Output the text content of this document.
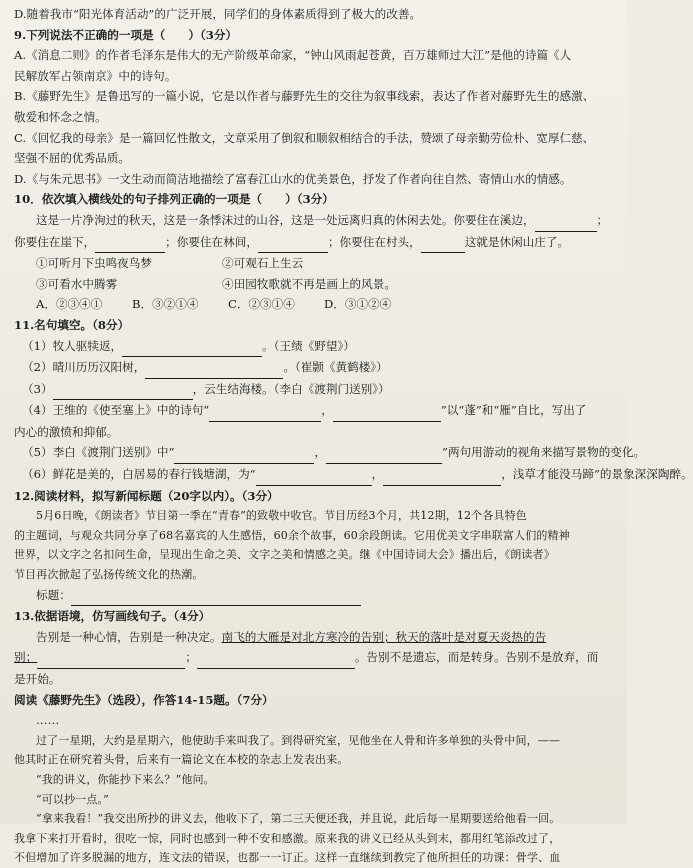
D.随着我市“阳光体育活动”的广泛开展，同学们的身体素质得到了极大的改善。
9.下列说法不正确的一项是（　　）（3分）
A.《消息二则》的作者毛泽东是伟大的无产阶级革命家，“钟山风雨起苍黄，百万雄师过大江”是他的诗篇《人
民解放军占领南京》中的诗句。
B.《藤野先生》是鲁迅写的一篇小说，它是以作者与藤野先生的交往为叙事线索，表达了作者对藤野先生的感激、
敬爱和怀念之情。
C.《回忆我的母亲》是一篇回忆性散文，文章采用了倒叙和顺叙相结合的手法，赞颂了母亲勤劳俭朴、宽厚仁慈、
坚强不屈的优秀品质。
D.《与朱元思书》一文生动而简洁地描绘了富春江山水的优美景色，抒发了作者向往自然、寄情山水的情感。
10．依次填入横线处的句子排列正确的一项是（　　）（3分）
这是一片净洵过的秋天，这是一条悸沫过的山谷，这是一处远离归真的休闲去处。你要住在溪边，	；
你要住在崖下，	；你要住在林间，	；你要住在村头，	这就是休闲山庄了。
①可听月下虫鸣夜鸟梦	②可观石上生云
③可看水中腾雾	④田园牧歌就不再是画上的风景。
A．②③④①	B．③②①④	C．②③①④	D．③①②④
11.名句填空。（8分）
（1）牧人驱犊返，	。（王绩《野望》）
（2）晴川历历汉阳树，	。（崔颢《黄鹤楼》）
（3）	，云生结海楼。（李白《渡荆门送别》）
（4）王维的《使至塞上》中的诗句“	，	”以“蓬”和“雁”自比，写出了
内心的激愤和抑郁。
（5）李白《渡荆门送别》中“	，	”两句用游动的视角来描写景物的变化。
（6）鲜花是美的，白居易的春行钱塘湖，为“	，	，浅草才能没马蹄”的景象深深陶醉。
12.阅读材料，拟写新闻标题（20字以内）。（3分）
5月6日晚，《朗读者》节目第一季在“青春”的致敬中收官。节目历经3个月，共12期，12个各具特色
的主题词，与观众共同分享了68名嘉宾的人生感悟，60余个故事，60余段朗读。它用优美文字串联富人们的精神
世界，以文字之名扣问生命，呈现出生命之美、文字之美和情感之美。继《中国诗词大会》播出后，《朗读者》
节目再次掀起了弘扬传统文化的热潮。
标题：
13.依据语境，仿写画线句子。（4分）
告别是一种心情，告别是一种决定。南飞的大雁是对北方寒冷的告别；秋天的落叶是对夏天炎热的告
别；	；	。告别不是遗忘，而是转身。告别不是放弃，而
是开始。
阅读《藤野先生》（选段），作答14-15题。（7分）
……
过了一星期，大约是星期六，他使助手来叫我了。到得研究室，见他坐在人骨和许多单独的头骨中间，——
他其时正在研究着头骨，后来有一篇论文在本校的杂志上发表出来。
“我的讲义，你能抄下来么？”他问。
“可以抄一点。”
“拿来我看！”我交出所抄的讲义去，他收下了，第二三天便还我，并且说，此后每一星期要送给他看一回。
我拿下来打开看时，很吃一惊，同时也感到一种不安和感激。原来我的讲义已经从头到末，都用红笔添改过了，
不但增加了许多脱漏的地方，连文法的错误，也都一一订正。这样一直继续到教完了他所担任的功课：骨学、血
